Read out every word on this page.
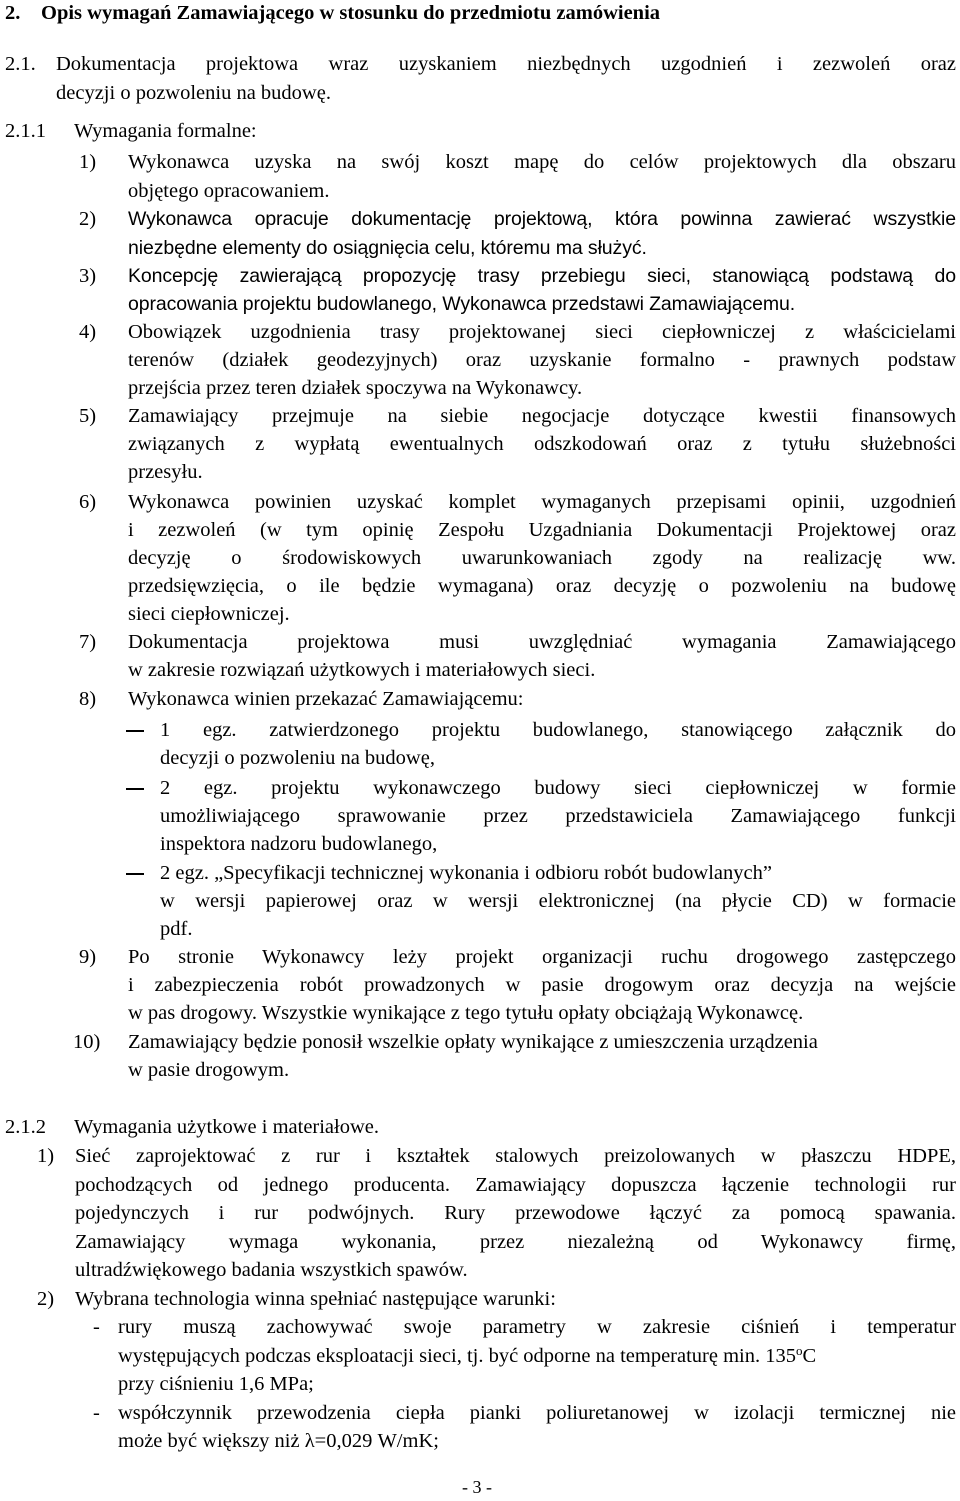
2. Opis wymagań Zamawiającego w stosunku do przedmiotu zamówienia
2.1. Dokumentacja projektowa wraz uzyskaniem niezbędnych uzgodnień i zezwoleń oraz
decyzji o pozwoleniu na budowę.
2.1.1 Wymagania formalne:
1) Wykonawca uzyska na swój koszt mapę do celów projektowych dla obszaru
objętego opracowaniem.
2) Wykonawca opracuje dokumentację projektową, która powinna zawierać wszystkie
niezbędne elementy do osiągnięcia celu, któremu ma służyć.
3) Koncepcję zawierającą propozycję trasy przebiegu sieci, stanowiącą podstawą do
opracowania projektu budowlanego, Wykonawca przedstawi Zamawiającemu.
4) Obowiązek uzgodnienia trasy projektowanej sieci ciepłowniczej z właścicielami
terenów (działek geodezyjnych) oraz uzyskanie formalno - prawnych podstaw
przejścia przez teren działek spoczywa na Wykonawcy.
5) Zamawiający przejmuje na siebie negocjacje dotyczące kwestii finansowych
związanych z wypłatą ewentualnych odszkodowań oraz z tytułu służebności
przesyłu.
6) Wykonawca powinien uzyskać komplet wymaganych przepisami opinii, uzgodnień
i zezwoleń (w tym opinię Zespołu Uzgadniania Dokumentacji Projektowej oraz
decyzję o środowiskowych uwarunkowaniach zgody na realizację ww.
przedsięwzięcia, o ile będzie wymagana) oraz decyzję o pozwoleniu na budowę
sieci ciepłowniczej.
7) Dokumentacja projektowa musi uwzględniać wymagania Zamawiającego
w zakresie rozwiązań użytkowych i materiałowych sieci.
8) Wykonawca winien przekazać Zamawiającemu:
1 egz. zatwierdzonego projektu budowlanego, stanowiącego załącznik do
decyzji o pozwoleniu na budowę,
2 egz. projektu wykonawczego budowy sieci ciepłowniczej w formie
umożliwiającego sprawowanie przez przedstawiciela Zamawiającego funkcji
inspektora nadzoru budowlanego,
2 egz. „Specyfikacji technicznej wykonania i odbioru robót budowlanych”
w wersji papierowej oraz w wersji elektronicznej (na płycie CD) w formacie
pdf.
9) Po stronie Wykonawcy leży projekt organizacji ruchu drogowego zastępczego
i zabezpieczenia robót prowadzonych w pasie drogowym oraz decyzja na wejście
w pas drogowy. Wszystkie wynikające z tego tytułu opłaty obciążają Wykonawcę.
10) Zamawiający będzie ponosił wszelkie opłaty wynikające z umieszczenia urządzenia
w pasie drogowym.
2.1.2 Wymagania użytkowe i materiałowe.
1) Sieć zaprojektować z rur i kształtek stalowych preizolowanych w płaszczu HDPE,
pochodzących od jednego producenta. Zamawiający dopuszcza łączenie technologii rur
pojedynczych i rur podwójnych. Rury przewodowe łączyć za pomocą spawania.
Zamawiający wymaga wykonania, przez niezależną od Wykonawcy firmę,
ultradźwiękowego badania wszystkich spawów.
2) Wybrana technologia winna spełniać następujące warunki:
- rury muszą zachowywać swoje parametry w zakresie ciśnień i temperatur
występujących podczas eksploatacji sieci, tj. być odporne na temperaturę min. 135$^o$C
przy ciśnieniu 1,6 MPa;
- współczynnik przewodzenia ciepła pianki poliuretanowej w izolacji termicznej nie
może być większy niż λ=0,029 W/mK;
- 3 -
